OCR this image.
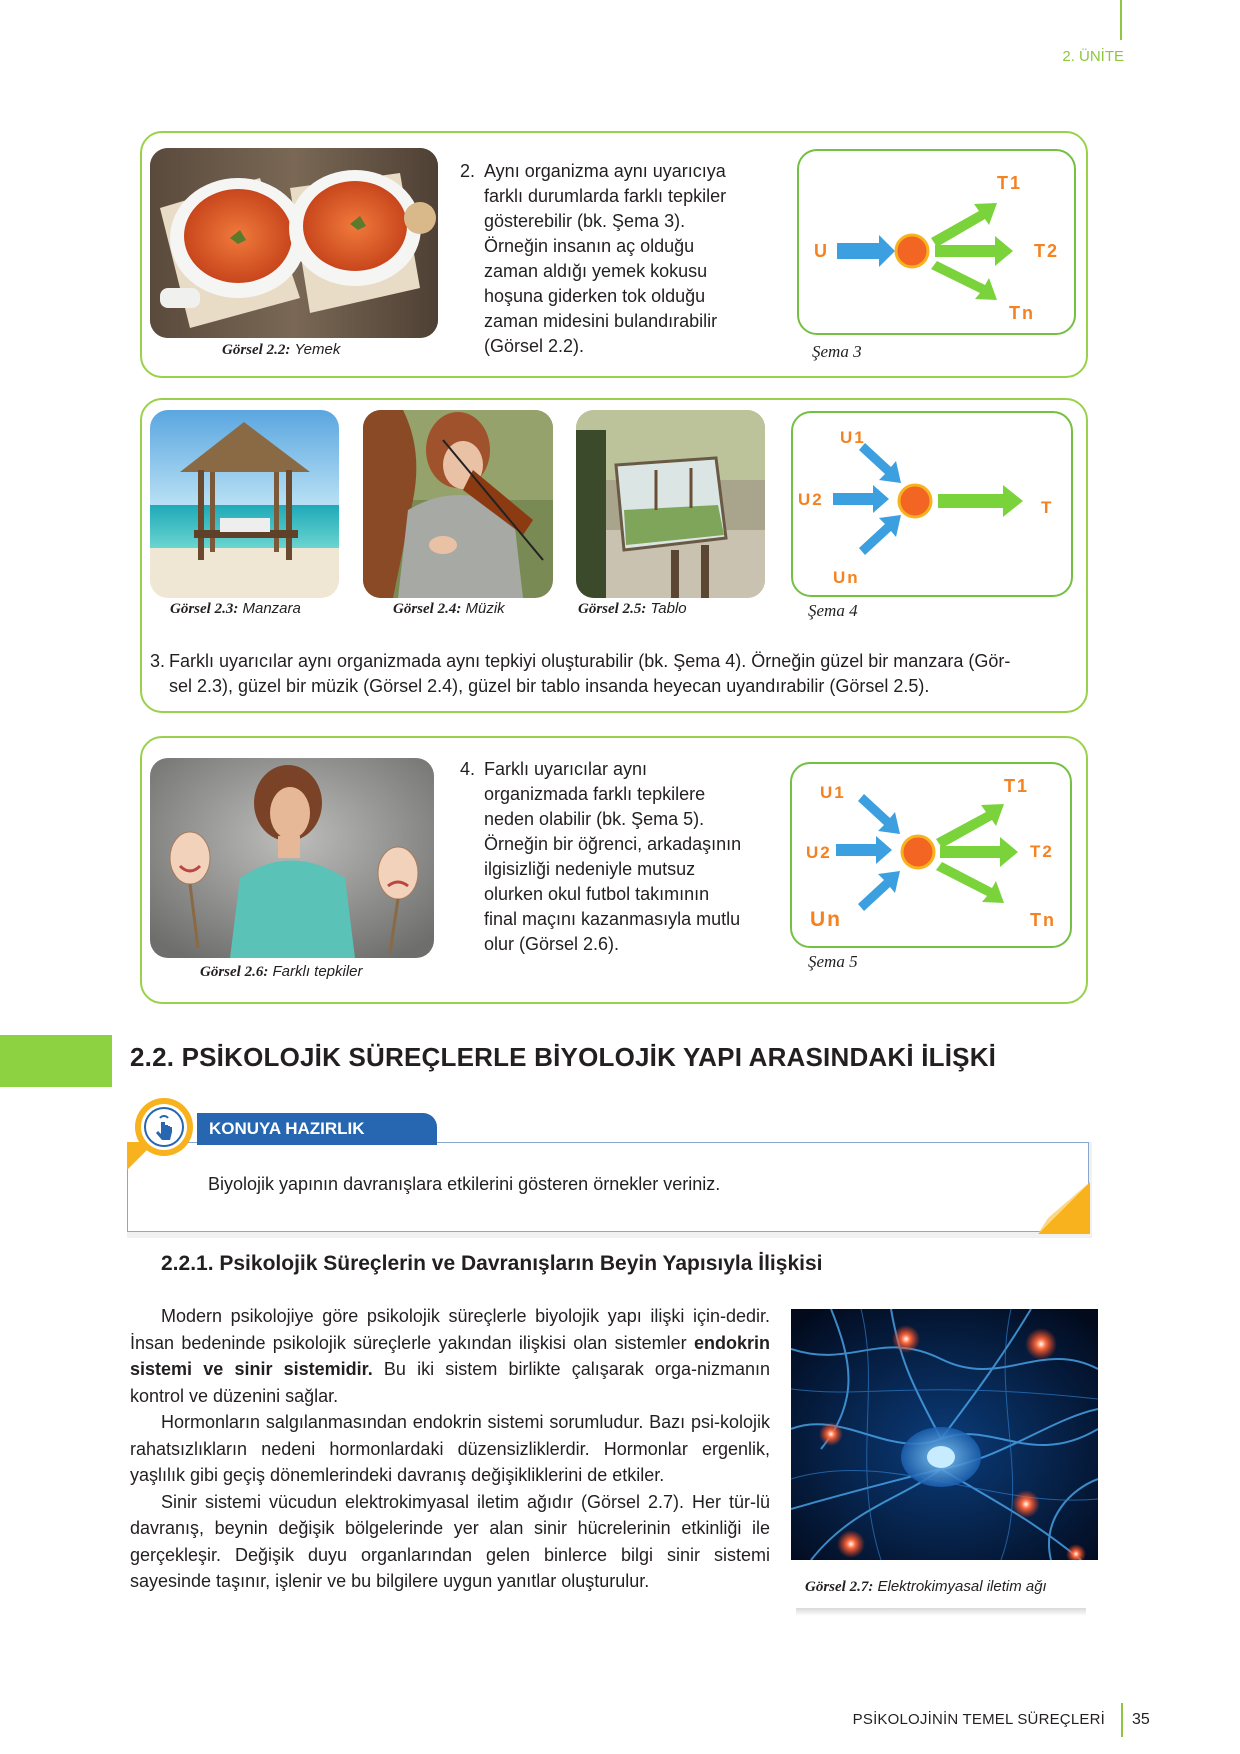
2. ÜNİTE
Görsel 2.2: Yemek
2. Aynı organizma aynı uyarıcıya
farklı durumlarda farklı tepkiler
gösterebilir (bk. Şema 3).
Örneğin insanın aç olduğu
zaman aldığı yemek kokusu
hoşuna giderken tok olduğu
zaman midesini bulandırabilir
(Görsel 2.2).
U
T1
T2
Tn
Şema 3
Görsel 2.3: Manzara	Görsel 2.4: Müzik	Görsel 2.5: Tablo
U1
U2
Un
T
Şema 4
3. Farklı uyarıcılar aynı organizmada aynı tepkiyi oluşturabilir (bk. Şema 4). Örneğin güzel bir manzara (Gör-
sel 2.3), güzel bir müzik (Görsel 2.4), güzel bir tablo insanda heyecan uyandırabilir (Görsel 2.5).
Görsel 2.6: Farklı tepkiler
4. Farklı uyarıcılar aynı
organizmada farklı tepkilere
neden olabilir (bk. Şema 5).
Örneğin bir öğrenci, arkadaşının
ilgisizliği nedeniyle mutsuz
olurken okul futbol takımının
final maçını kazanmasıyla mutlu
olur (Görsel 2.6).
U1
U2
Un
T1
T2
Tn
Şema 5
2.2. PSİKOLOJİK SÜREÇLERLE BİYOLOJİK YAPI ARASINDAKİ İLİŞKİ
KONUYA HAZIRLIK
Biyolojik yapının davranışlara etkilerini gösteren örnekler veriniz.
2.2.1. Psikolojik Süreçlerin ve Davranışların Beyin Yapısıyla İlişkisi

Modern psikolojiye göre psikolojik süreçlerle biyolojik yapı ilişki için-dedir. İnsan bedeninde psikolojik süreçlerle yakından ilişkisi olan sistemler endokrin sistemi ve sinir sistemidir. Bu iki sistem birlikte çalışarak orga-nizmanın kontrol ve düzenini sağlar.

Hormonların salgılanmasından endokrin sistemi sorumludur. Bazı psi-kolojik rahatsızlıkların nedeni hormonlardaki düzensizliklerdir. Hormonlar ergenlik, yaşlılık gibi geçiş dönemlerindeki davranış değişikliklerini de etkiler.

Sinir sistemi vücudun elektrokimyasal iletim ağıdır (Görsel 2.7). Her tür-lü davranış, beynin değişik bölgelerinde yer alan sinir hücrelerinin etkinliği ile gerçekleşir. Değişik duyu organlarından gelen binlerce bilgi sinir sistemi sayesinde taşınır, işlenir ve bu bilgilere uygun yanıtlar oluşturulur.	Görsel 2.7: Elektrokimyasal iletim ağı
PSİKOLOJİNİN TEMEL SÜREÇLERİ 35
